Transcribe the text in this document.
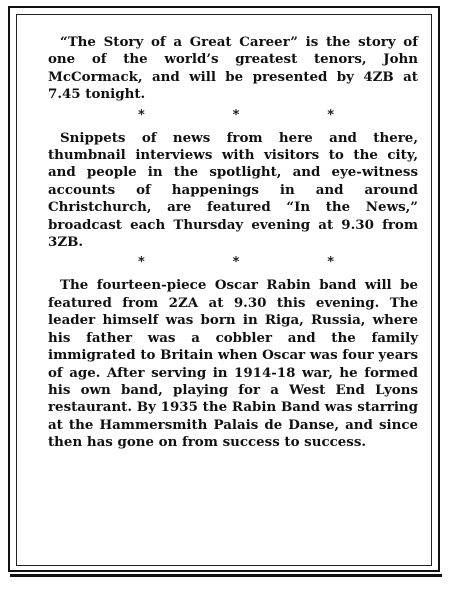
“The Story of a Great Career” is the story of one of the world’s greatest tenors, John McCormack, and will be presented by 4ZB at 7.45 tonight.

*	*	*

Snippets of news from here and there, thumbnail interviews with visitors to the city, and people in the spotlight, and eye-witness accounts of happenings in and around Christchurch, are featured “In the News,” broadcast each Thursday evening at 9.30 from 3ZB.

*	*	*

The fourteen-piece Oscar Rabin band will be featured from 2ZA at 9.30 this evening. The leader himself was born in Riga, Russia, where his father was a cobbler and the family immigrated to Britain when Oscar was four years of age. After serving in 1914-18 war, he formed his own band, playing for a West End Lyons restaurant. By 1935 the Rabin Band was starring at the Hammersmith Palais de Danse, and since then has gone on from success to success.
